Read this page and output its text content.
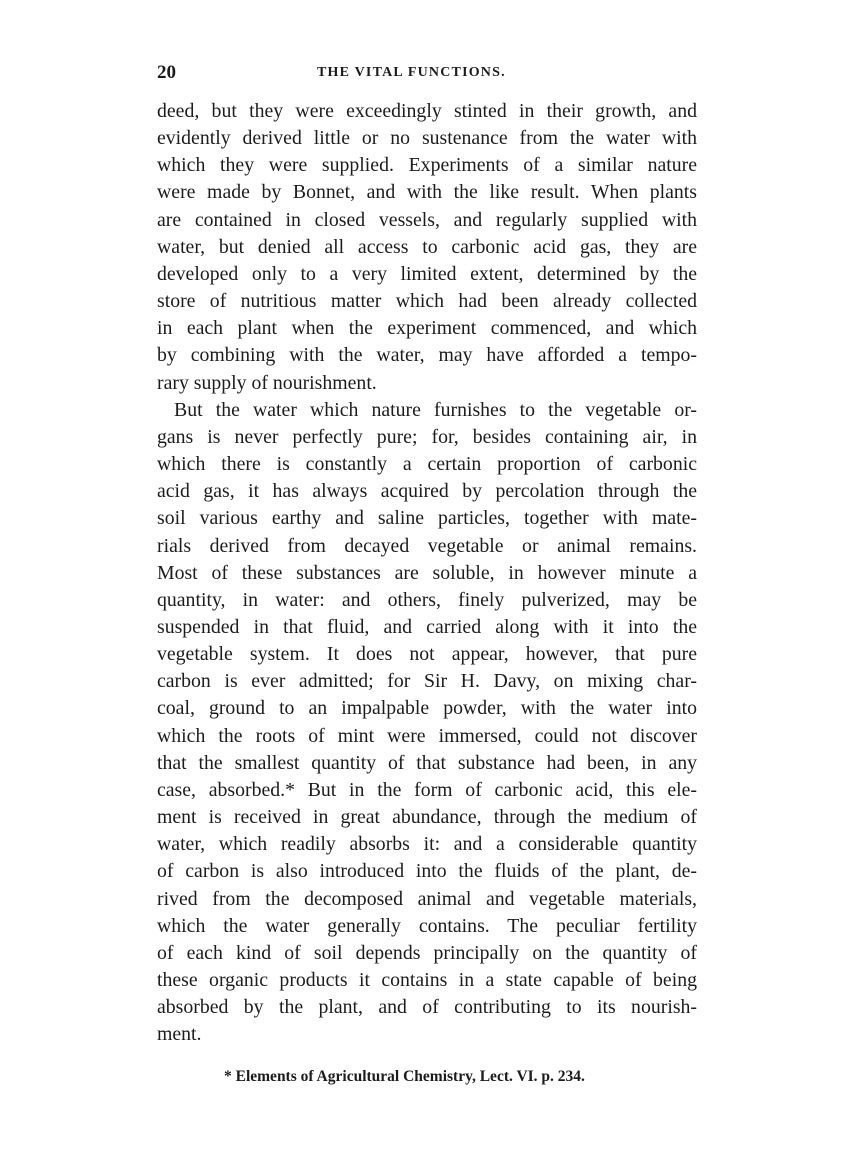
20	THE VITAL FUNCTIONS.
deed, but they were exceedingly stinted in their growth, and
evidently derived little or no sustenance from the water with
which they were supplied. Experiments of a similar nature
were made by Bonnet, and with the like result. When plants
are contained in closed vessels, and regularly supplied with
water, but denied all access to carbonic acid gas, they are
developed only to a very limited extent, determined by the
store of nutritious matter which had been already collected
in each plant when the experiment commenced, and which
by combining with the water, may have afforded a tempo-
rary supply of nourishment.
But the water which nature furnishes to the vegetable or-
gans is never perfectly pure; for, besides containing air, in
which there is constantly a certain proportion of carbonic
acid gas, it has always acquired by percolation through the
soil various earthy and saline particles, together with mate-
rials derived from decayed vegetable or animal remains.
Most of these substances are soluble, in however minute a
quantity, in water: and others, finely pulverized, may be
suspended in that fluid, and carried along with it into the
vegetable system. It does not appear, however, that pure
carbon is ever admitted; for Sir H. Davy, on mixing char-
coal, ground to an impalpable powder, with the water into
which the roots of mint were immersed, could not discover
that the smallest quantity of that substance had been, in any
case, absorbed.* But in the form of carbonic acid, this ele-
ment is received in great abundance, through the medium of
water, which readily absorbs it: and a considerable quantity
of carbon is also introduced into the fluids of the plant, de-
rived from the decomposed animal and vegetable materials,
which the water generally contains. The peculiar fertility
of each kind of soil depends principally on the quantity of
these organic products it contains in a state capable of being
absorbed by the plant, and of contributing to its nourish-
ment.
* Elements of Agricultural Chemistry, Lect. VI. p. 234.
